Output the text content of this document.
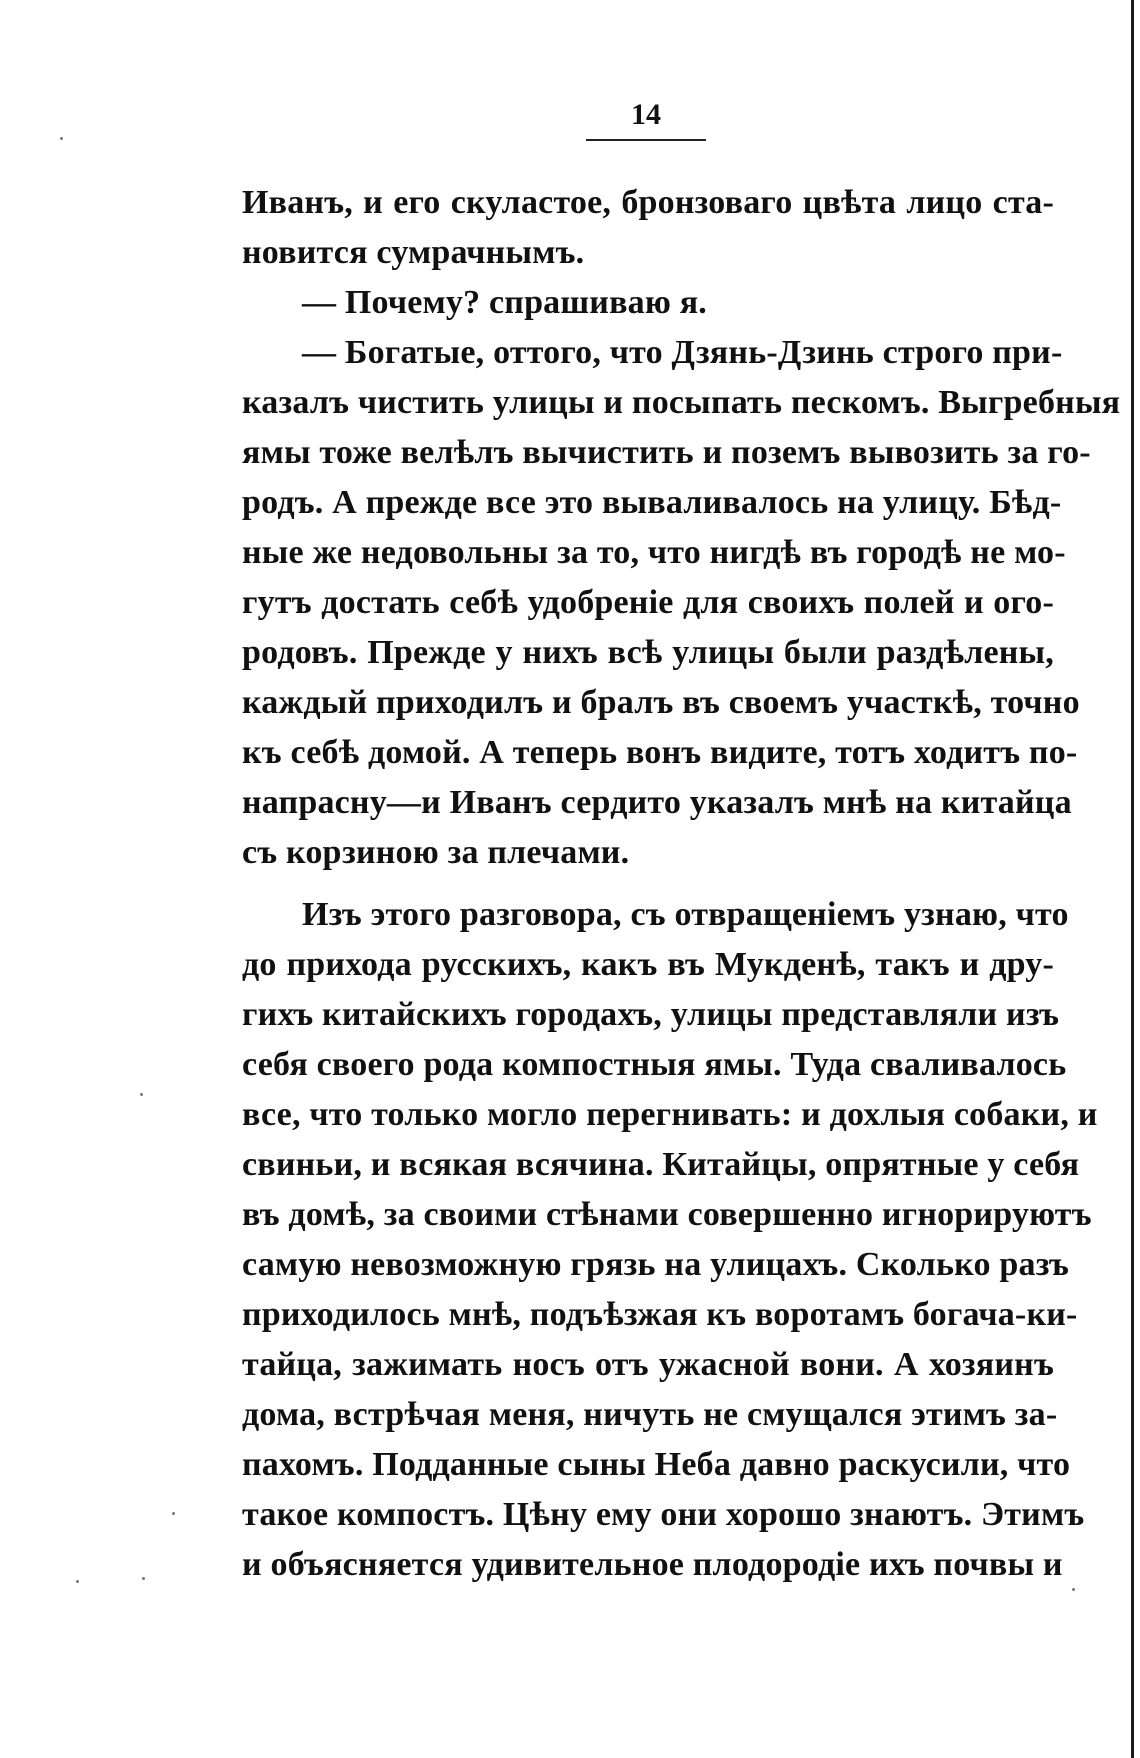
14
Иванъ, и его скуластое, бронзоваго цвѣта лицо ста-
новится сумрачнымъ.
— Почему? спрашиваю я.
— Богатые, оттого, что Дзянь-Дзинь строго при-
казалъ чистить улицы и посыпать пескомъ. Выгребныя
ямы тоже велѣлъ вычистить и поземъ вывозить за го-
родъ. А прежде все это вываливалось на улицу. Бѣд-
ные же недовольны за то, что нигдѣ въ городѣ не мо-
гутъ достать себѣ удобреніе для своихъ полей и ого-
родовъ. Прежде у нихъ всѣ улицы были раздѣлены,
каждый приходилъ и бралъ въ своемъ участкѣ, точно
къ себѣ домой. А теперь вонъ видите, тотъ ходитъ по-
напрасну—и Иванъ сердито указалъ мнѣ на китайца
съ корзиною за плечами.
Изъ этого разговора, съ отвращеніемъ узнаю, что
до прихода русскихъ, какъ въ Мукденѣ, такъ и дру-
гихъ китайскихъ городахъ, улицы представляли изъ
себя своего рода компостныя ямы. Туда сваливалось
все, что только могло перегнивать: и дохлыя собаки, и
свиньи, и всякая всячина. Китайцы, опрятные у себя
въ домѣ, за своими стѣнами совершенно игнорируютъ
самую невозможную грязь на улицахъ. Сколько разъ
приходилось мнѣ, подъѣзжая къ воротамъ богача-ки-
тайца, зажимать носъ отъ ужасной вони. А хозяинъ
дома, встрѣчая меня, ничуть не смущался этимъ за-
пахомъ. Подданные сыны Неба давно раскусили, что
такое компостъ. Цѣну ему они хорошо знаютъ. Этимъ
и объясняется удивительное плодородіе ихъ почвы и
